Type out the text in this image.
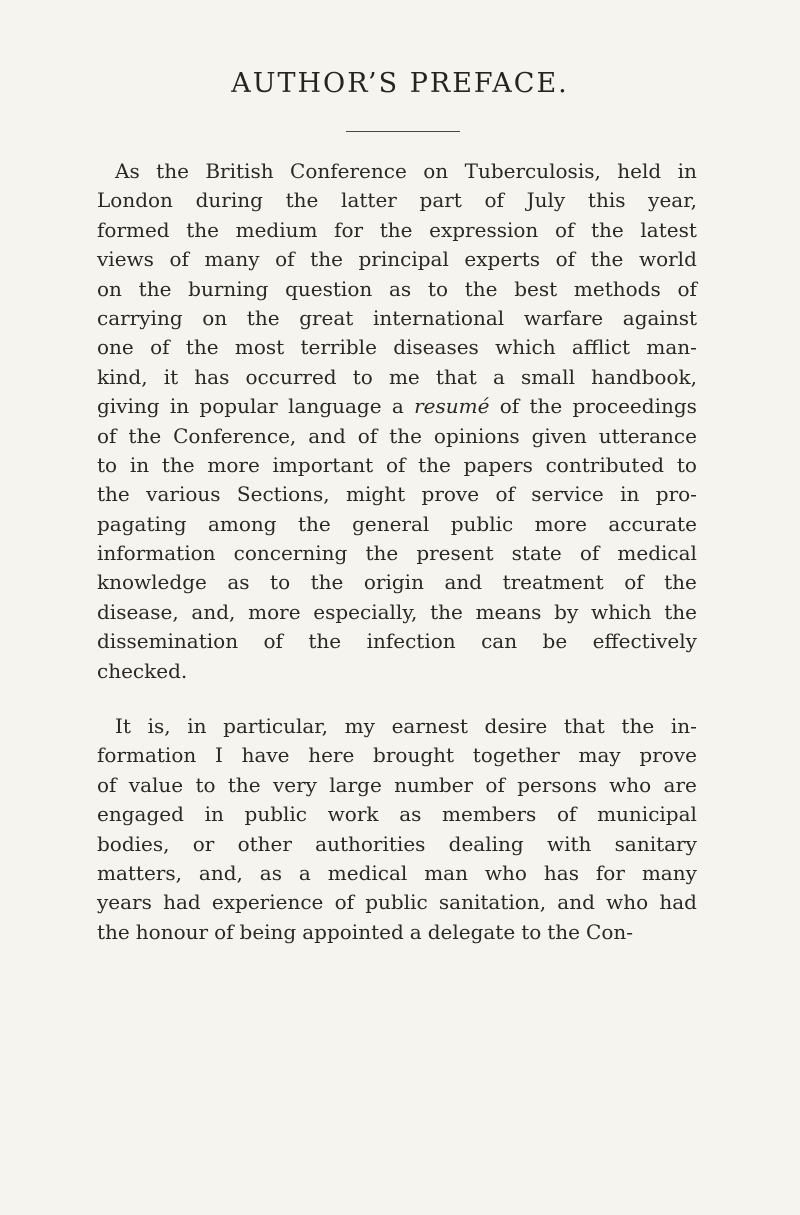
AUTHOR’S PREFACE.
As the British Conference on Tuberculosis, held in
London during the latter part of July this year,
formed the medium for the expression of the latest
views of many of the principal experts of the world
on the burning question as to the best methods of
carrying on the great international warfare against
one of the most terrible diseases which afflict man-
kind, it has occurred to me that a small handbook,
giving in popular language a resumé of the proceedings
of the Conference, and of the opinions given utterance
to in the more important of the papers contributed to
the various Sections, might prove of service in pro-
pagating among the general public more accurate
information concerning the present state of medical
knowledge as to the origin and treatment of the
disease, and, more especially, the means by which the
dissemination of the infection can be effectively
checked.
It is, in particular, my earnest desire that the in-
formation I have here brought together may prove
of value to the very large number of persons who are
engaged in public work as members of municipal
bodies, or other authorities dealing with sanitary
matters, and, as a medical man who has for many
years had experience of public sanitation, and who had
the honour of being appointed a delegate to the Con-
